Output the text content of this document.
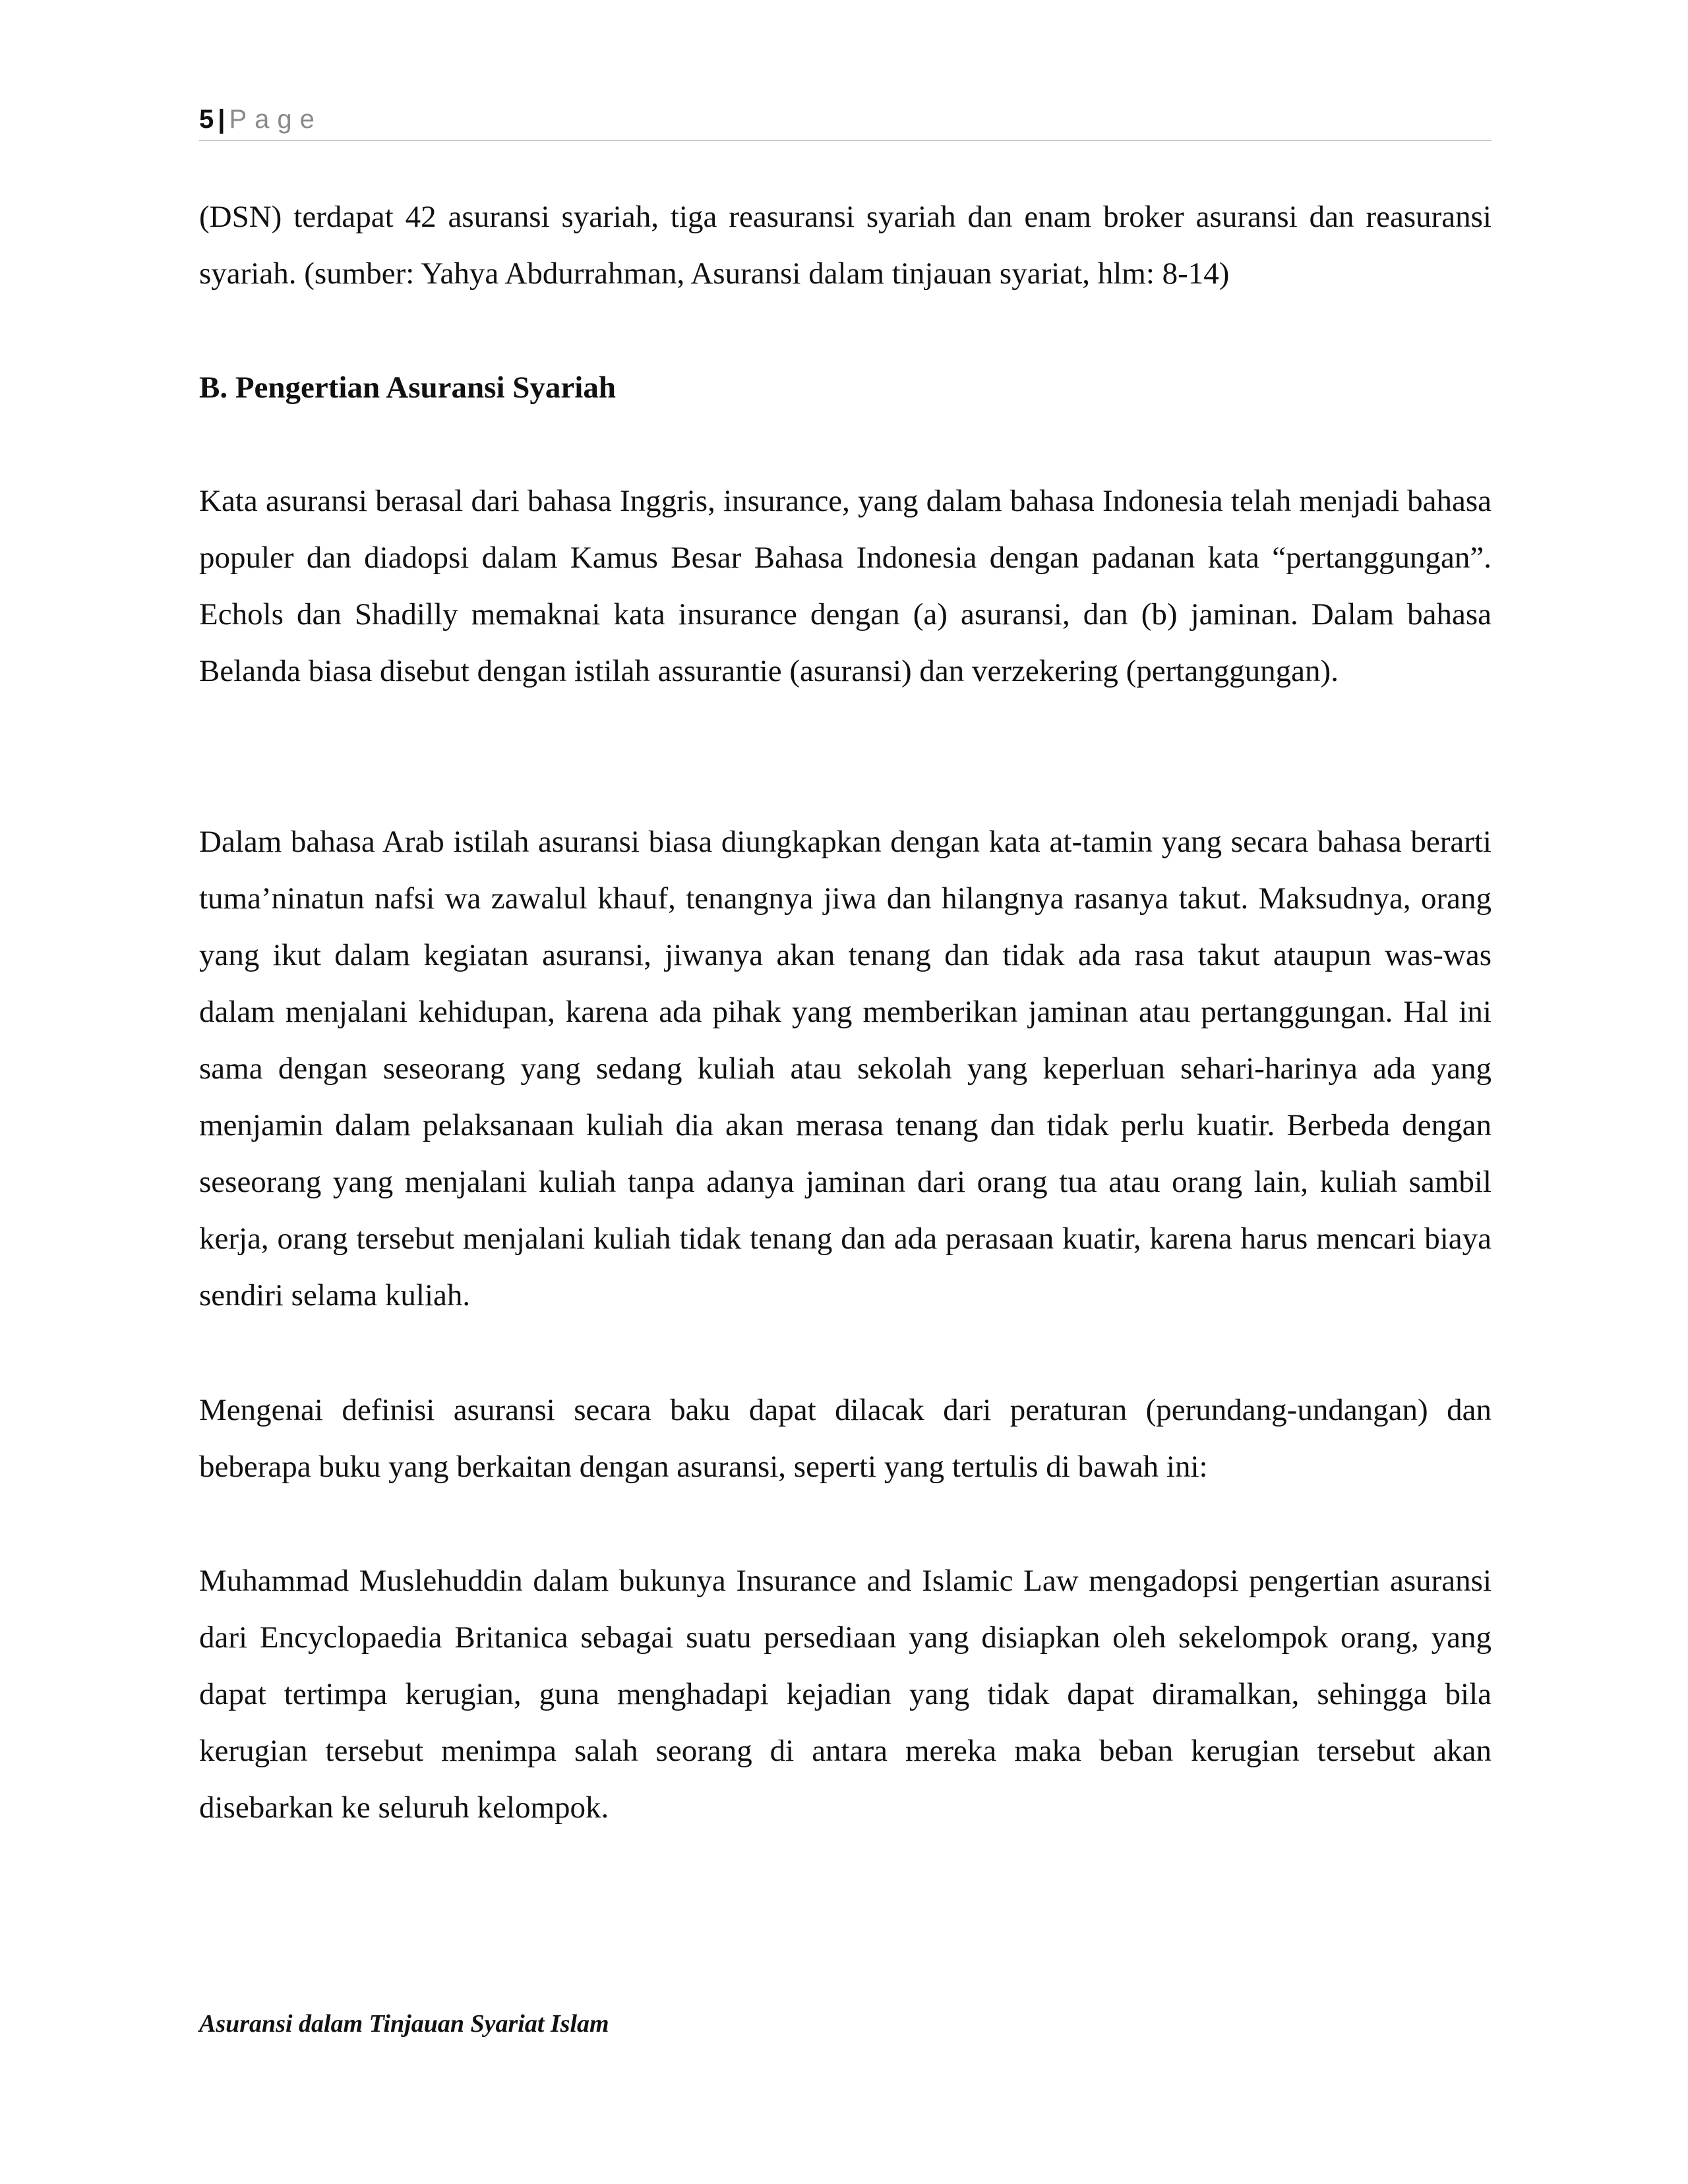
5 | Page

(DSN) terdapat 42 asuransi syariah, tiga reasuransi syariah dan enam broker asuransi dan reasuransi syariah. (sumber: Yahya Abdurrahman, Asuransi dalam tinjauan syariat, hlm: 8-14)

B. Pengertian Asuransi Syariah

Kata asuransi berasal dari bahasa Inggris, insurance, yang dalam bahasa Indonesia telah menjadi bahasa populer dan diadopsi dalam Kamus Besar Bahasa Indonesia dengan padanan kata “pertanggungan”. Echols dan Shadilly memaknai kata insurance dengan (a) asuransi, dan (b) jaminan. Dalam bahasa Belanda biasa disebut dengan istilah assurantie (asuransi) dan verzekering (pertanggungan).

Dalam bahasa Arab istilah asuransi biasa diungkapkan dengan kata at-tamin yang secara bahasa berarti tuma’ninatun nafsi wa zawalul khauf, tenangnya jiwa dan hilangnya rasanya takut. Maksudnya, orang yang ikut dalam kegiatan asuransi, jiwanya akan tenang dan tidak ada rasa takut ataupun was-was dalam menjalani kehidupan, karena ada pihak yang memberikan jaminan atau pertanggungan. Hal ini sama dengan seseorang yang sedang kuliah atau sekolah yang keperluan sehari-harinya ada yang menjamin dalam pelaksanaan kuliah dia akan merasa tenang dan tidak perlu kuatir. Berbeda dengan seseorang yang menjalani kuliah tanpa adanya jaminan dari orang tua atau orang lain, kuliah sambil kerja, orang tersebut menjalani kuliah tidak tenang dan ada perasaan kuatir, karena harus mencari biaya sendiri selama kuliah.

Mengenai definisi asuransi secara baku dapat dilacak dari peraturan (perundang-undangan) dan beberapa buku yang berkaitan dengan asuransi, seperti yang tertulis di bawah ini:

Muhammad Muslehuddin dalam bukunya Insurance and Islamic Law mengadopsi pengertian asuransi dari Encyclopaedia Britanica sebagai suatu persediaan yang disiapkan oleh sekelompok orang, yang dapat tertimpa kerugian, guna menghadapi kejadian yang tidak dapat diramalkan, sehingga bila kerugian tersebut menimpa salah seorang di antara mereka maka beban kerugian tersebut akan disebarkan ke seluruh kelompok.

Asuransi dalam Tinjauan Syariat Islam
